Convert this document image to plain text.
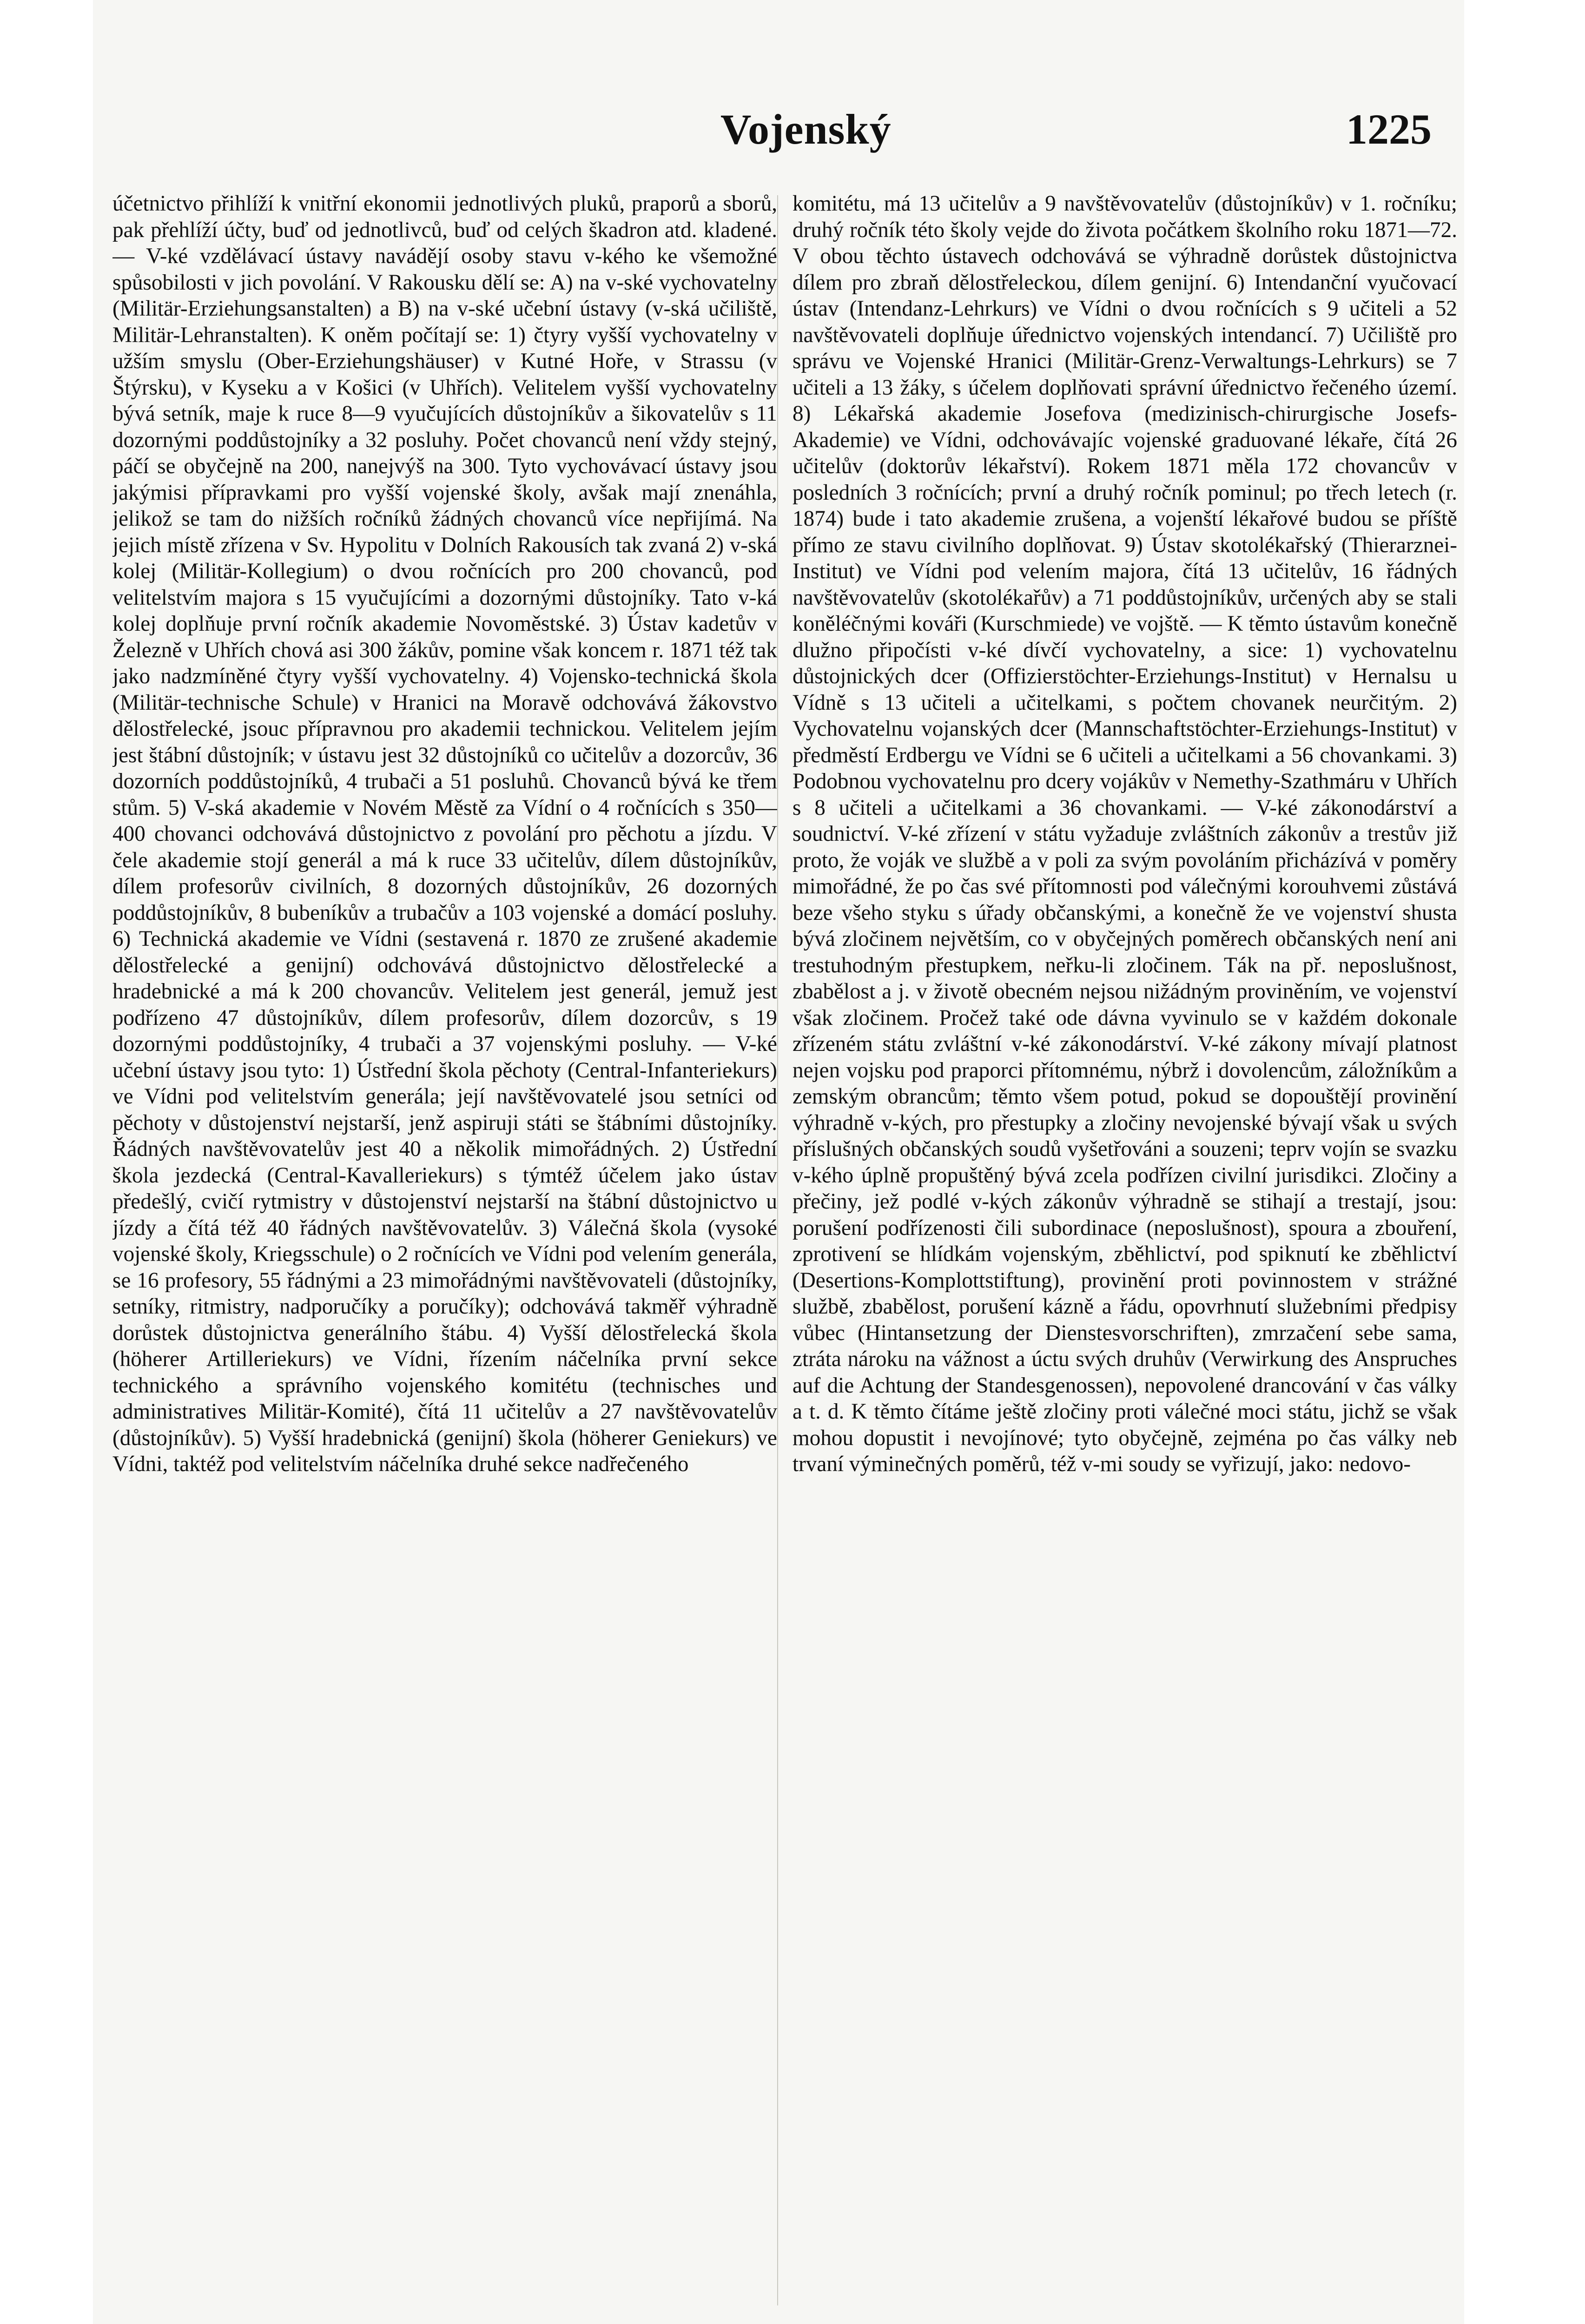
Vojenský	1225

účetnictvo přihlíží k vnitřní ekonomii jednotlivých pluků, praporů a sborů, pak přehlíží účty, buď od jednotlivců, buď od celých škadron atd. kladené. — V-ké vzdělávací ústavy navádějí osoby stavu v-kého ke všemožné spůsobilosti v jich povolání. V Rakousku dělí se: A) na v-ské vychovatelny (Militär-Erziehungsanstalten) a B) na v-ské učební ústavy (v-ská učiliště, Militär-Lehranstalten). K oněm počítají se: 1) čtyry vyšší vychovatelny v užším smyslu (Ober-Erziehungshäuser) v Kutné Hoře, v Strassu (v Štýrsku), v Kyseku a v Košici (v Uhřích). Velitelem vyšší vychovatelny bývá setník, maje k ruce 8—9 vyučujících důstojníkův a šikovatelův s 11 dozornými poddůstojníky a 32 posluhy. Počet chovanců není vždy stejný, páčí se obyčejně na 200, nanejvýš na 300. Tyto vychovávací ústavy jsou jakýmisi přípravkami pro vyšší vojenské školy, avšak mají znenáhla, jelikož se tam do nižších ročníků žádných chovanců více nepřijímá. Na jejich místě zřízena v Sv. Hypolitu v Dolních Rakousích tak zvaná 2) v-ská kolej (Militär-Kollegium) o dvou ročnících pro 200 chovanců, pod velitelstvím majora s 15 vyučujícími a dozornými důstojníky. Tato v-ká kolej doplňuje první ročník akademie Novoměstské. 3) Ústav kadetův v Železně v Uhřích chová asi 300 žákův, pomine však koncem r. 1871 též tak jako nadzmíněné čtyry vyšší vychovatelny. 4) Vojensko-technická škola (Militär-technische Schule) v Hranici na Moravě odchovává žákovstvo dělostřelecké, jsouc přípravnou pro akademii technickou. Velitelem jejím jest štábní důstojník; v ústavu jest 32 důstojníků co učitelův a dozorcův, 36 dozorních poddůstojníků, 4 trubači a 51 posluhů. Chovanců bývá ke třem stům. 5) V-ská akademie v Novém Městě za Vídní o 4 ročnících s 350—400 chovanci odchovává důstojnictvo z povolání pro pěchotu a jízdu. V čele akademie stojí generál a má k ruce 33 učitelův, dílem důstojníkův, dílem profesorův civilních, 8 dozorných důstojníkův, 26 dozorných poddůstojníkův, 8 bubeníkův a trubačův a 103 vojenské a domácí posluhy. 6) Technická akademie ve Vídni (sestavená r. 1870 ze zrušené akademie dělostřelecké a genijní) odchovává důstojnictvo dělostřelecké a hradebnické a má k 200 chovancův. Velitelem jest generál, jemuž jest podřízeno 47 důstojníkův, dílem profesorův, dílem dozorcův, s 19 dozornými poddůstojníky, 4 trubači a 37 vojenskými posluhy. — V-ké učební ústavy jsou tyto: 1) Ústřední škola pěchoty (Central-Infanteriekurs) ve Vídni pod velitelstvím generála; její navštěvovatelé jsou setníci od pěchoty v důstojenství nejstarší, jenž aspiruji státi se štábními důstojníky. Řádných navštěvovatelův jest 40 a několik mimořádných. 2) Ústřední škola jezdecká (Central-Kavalleriekurs) s týmtéž účelem jako ústav předešlý, cvičí rytmistry v důstojenství nejstarší na štábní důstojnictvo u jízdy a čítá též 40 řádných navštěvovatelův. 3) Válečná škola (vysoké vojenské školy, Kriegsschule) o 2 ročnících ve Vídni pod velením generála, se 16 profesory, 55 řádnými a 23 mimořádnými navštěvovateli (důstojníky, setníky, ritmistry, nadporučíky a poručíky); odchovává takměř výhradně dorůstek důstojnictva generálního štábu. 4) Vyšší dělostřelecká škola (höherer Artilleriekurs) ve Vídni, řízením náčelníka první sekce technického a správního vojenského komitétu (technisches und administratives Militär-Komité), čítá 11 učitelův a 27 navštěvovatelův (důstojníkův). 5) Vyšší hradebnická (genijní) škola (höherer Geniekurs) ve Vídni, taktéž pod velitelstvím náčelníka druhé sekce nadřečeného

komitétu, má 13 učitelův a 9 navštěvovatelův (důstojníkův) v 1. ročníku; druhý ročník této školy vejde do života počátkem školního roku 1871—72. V obou těchto ústavech odchovává se výhradně dorůstek důstojnictva dílem pro zbraň dělostřeleckou, dílem genijní. 6) Intendanční vyučovací ústav (Intendanz-Lehrkurs) ve Vídni o dvou ročnících s 9 učiteli a 52 navštěvovateli doplňuje úřednictvo vojenských intendancí. 7) Učiliště pro správu ve Vojenské Hranici (Militär-Grenz-Verwaltungs-Lehrkurs) se 7 učiteli a 13 žáky, s účelem doplňovati správní úřednictvo řečeného území. 8) Lékařská akademie Josefova (medizinisch-chirurgische Josefs-Akademie) ve Vídni, odchovávajíc vojenské graduované lékaře, čítá 26 učitelův (doktorův lékařství). Rokem 1871 měla 172 chovancův v posledních 3 ročnících; první a druhý ročník pominul; po třech letech (r. 1874) bude i tato akademie zrušena, a vojenští lékařové budou se příště přímo ze stavu civilního doplňovat. 9) Ústav skotolékařský (Thierarznei-Institut) ve Vídni pod velením majora, čítá 13 učitelův, 16 řádných navštěvovatelův (skotolékařův) a 71 poddůstojníkův, určených aby se stali koněléčnými kováři (Kurschmiede) ve vojště. — K těmto ústavům konečně dlužno připočísti v-ké dívčí vychovatelny, a sice: 1) vychovatelnu důstojnických dcer (Offizierstöchter-Erziehungs-Institut) v Hernalsu u Vídně s 13 učiteli a učitelkami, s počtem chovanek neurčitým. 2) Vychovatelnu vojanských dcer (Mannschaftstöchter-Erziehungs-Institut) v předměstí Erdbergu ve Vídni se 6 učiteli a učitelkami a 56 chovankami. 3) Podobnou vychovatelnu pro dcery vojákův v Nemethy-Szathmáru v Uhřích s 8 učiteli a učitelkami a 36 chovankami. — V-ké zákonodárství a soudnictví. V-ké zřízení v státu vyžaduje zvláštních zákonův a trestův již proto, že voják ve službě a v poli za svým povoláním přicházívá v poměry mimořádné, že po čas své přítomnosti pod válečnými korouhvemi zůstává beze všeho styku s úřady občanskými, a konečně že ve vojenství shusta bývá zločinem největším, co v obyčejných poměrech občanských není ani trestuhodným přestupkem, neřku-li zločinem. Ták na př. neposlušnost, zbabělost a j. v životě obecném nejsou nižádným proviněním, ve vojenství však zločinem. Pročež také ode dávna vyvinulo se v každém dokonale zřízeném státu zvláštní v-ké zákonodárství. V-ké zákony mívají platnost nejen vojsku pod praporci přítomnému, nýbrž i dovolencům, záložníkům a zemským obrancům; těmto všem potud, pokud se dopouštějí provinění výhradně v-kých, pro přestupky a zločiny nevojenské bývají však u svých příslušných občanských soudů vyšetřováni a souzeni; teprv vojín se svazku v-kého úplně propuštěný bývá zcela podřízen civilní jurisdikci. Zločiny a přečiny, jež podlé v-kých zákonův výhradně se stihají a trestají, jsou: porušení podřízenosti čili subordinace (neposlušnost), spoura a zbouření, zprotivení se hlídkám vojenským, zběhlictví, pod spiknutí ke zběhlictví (Desertions-Komplottstiftung), provinění proti povinnostem v strážné službě, zbabělost, porušení kázně a řádu, opovrhnutí služebními předpisy vůbec (Hintansetzung der Dienstesvorschriften), zmrzačení sebe sama, ztráta nároku na vážnost a úctu svých druhův (Verwirkung des Anspruches auf die Achtung der Standesgenossen), nepovolené drancování v čas války a t. d. K těmto čítáme ještě zločiny proti válečné moci státu, jichž se však mohou dopustit i nevojínové; tyto obyčejně, zejména po čas války neb trvaní výminečných poměrů, též v-mi soudy se vyřizují, jako: nedovo-
